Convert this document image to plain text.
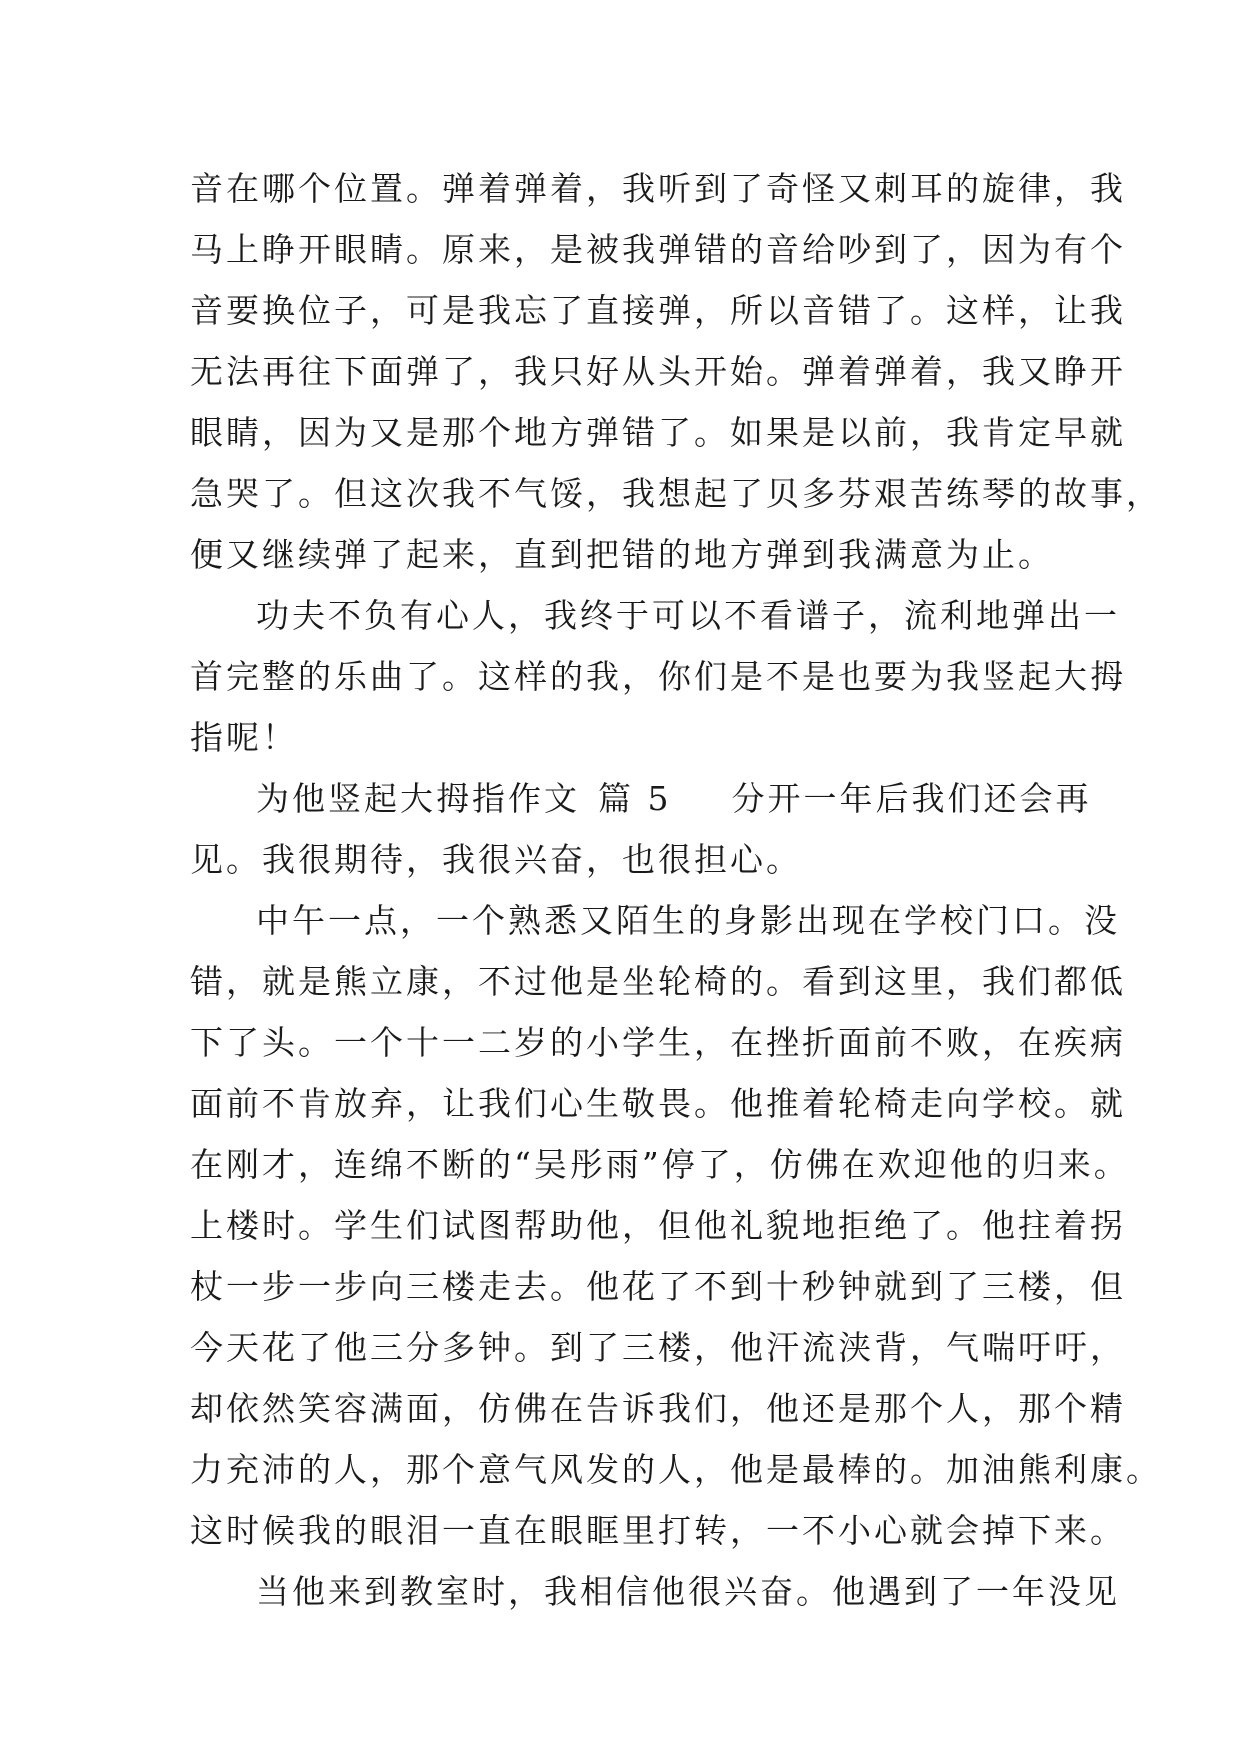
音在哪个位置。弹着弹着，我听到了奇怪又刺耳的旋律，我
马上睁开眼睛。原来，是被我弹错的音给吵到了，因为有个
音要换位子，可是我忘了直接弹，所以音错了。这样，让我
无法再往下面弹了，我只好从头开始。弹着弹着，我又睁开
眼睛，因为又是那个地方弹错了。如果是以前，我肯定早就
急哭了。但这次我不气馁，我想起了贝多芬艰苦练琴的故事，
便又继续弹了起来，直到把错的地方弹到我满意为止。
功夫不负有心人，我终于可以不看谱子，流利地弹出一
首完整的乐曲了。这样的我，你们是不是也要为我竖起大拇
指呢！
为他竖起大拇指作文 篇 5 分开一年后我们还会再
见。我很期待，我很兴奋，也很担心。
中午一点，一个熟悉又陌生的身影出现在学校门口。没
错，就是熊立康，不过他是坐轮椅的。看到这里，我们都低
下了头。一个十一二岁的小学生，在挫折面前不败，在疾病
面前不肯放弃，让我们心生敬畏。他推着轮椅走向学校。就
在刚才，连绵不断的“吴彤雨”停了，仿佛在欢迎他的归来。
上楼时。学生们试图帮助他，但他礼貌地拒绝了。他拄着拐
杖一步一步向三楼走去。他花了不到十秒钟就到了三楼，但
今天花了他三分多钟。到了三楼，他汗流浃背，气喘吁吁，
却依然笑容满面，仿佛在告诉我们，他还是那个人，那个精
力充沛的人，那个意气风发的人，他是最棒的。加油熊利康。
这时候我的眼泪一直在眼眶里打转，一不小心就会掉下来。
当他来到教室时，我相信他很兴奋。他遇到了一年没见
